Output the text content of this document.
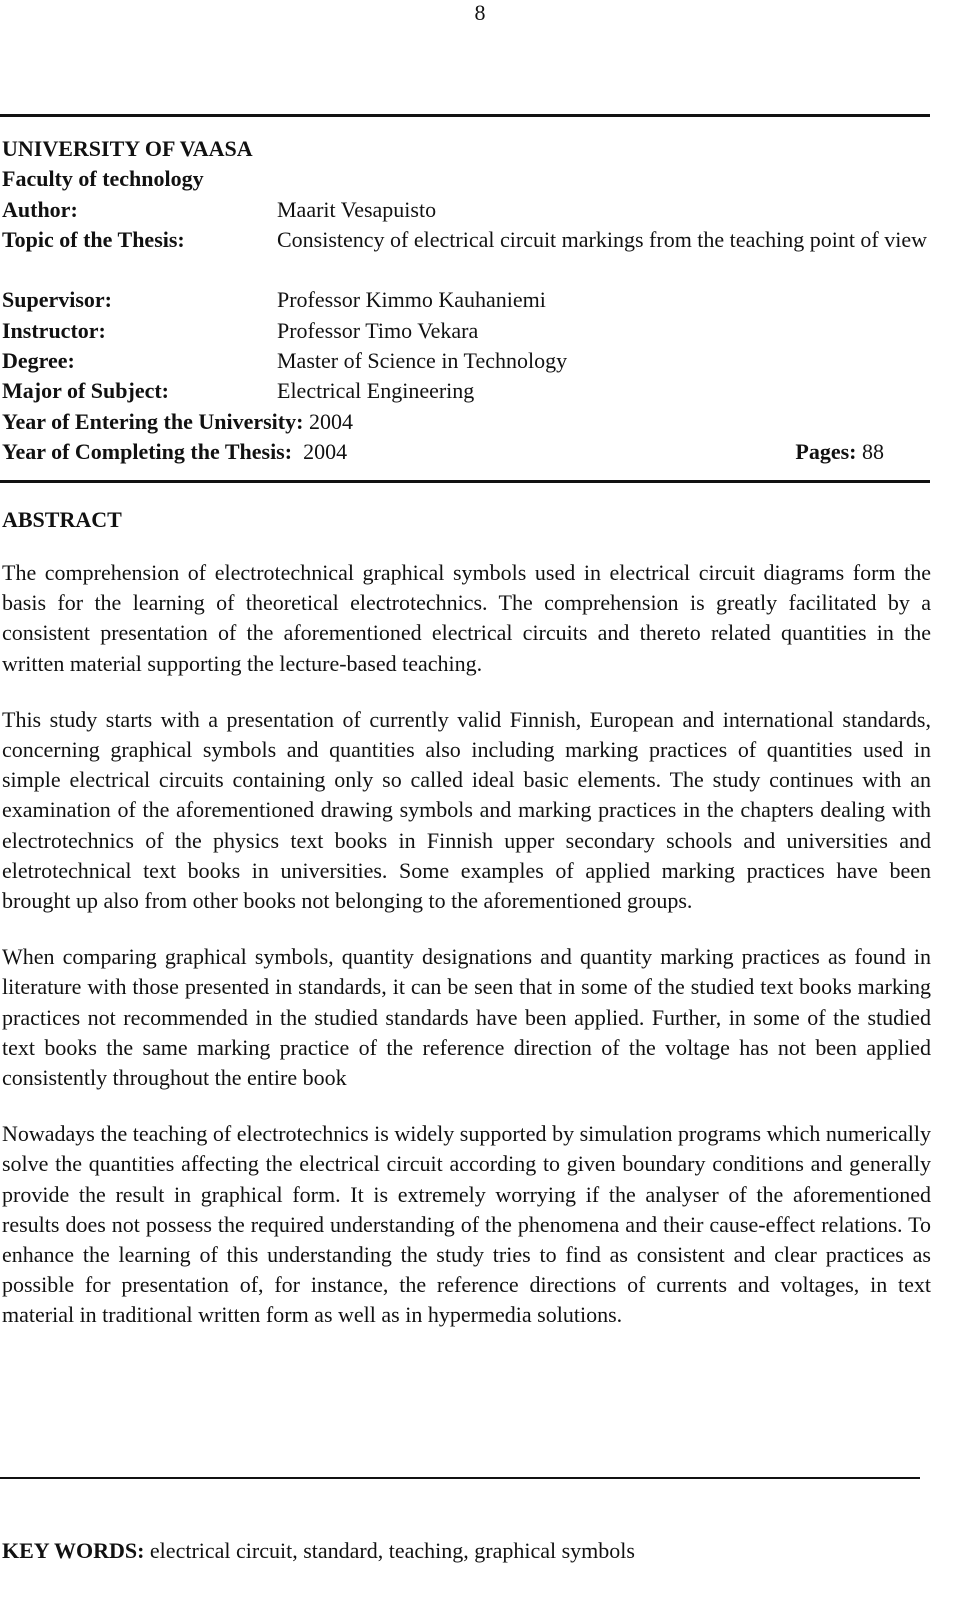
8
UNIVERSITY OF VAASA
Faculty of technology
Author:	Maarit Vesapuisto
Topic of the Thesis:	Consistency of electrical circuit markings from the teaching point of view
Supervisor:	Professor Kimmo Kauhaniemi
Instructor:	Professor Timo Vekara
Degree:	Master of Science in Technology
Major of Subject:	Electrical Engineering
Year of Entering the University: 2004
Year of Completing the Thesis: 2004	Pages: 88
ABSTRACT

The comprehension of electrotechnical graphical symbols used in electrical circuit diagrams form the basis for the learning of theoretical electrotechnics. The comprehension is greatly facilitated by a consistent presentation of the aforementioned electrical circuits and thereto related quantities in the written material supporting the lecture-based teaching.

This study starts with a presentation of currently valid Finnish, European and international standards, concerning graphical symbols and quantities also including marking practices of quantities used in simple electrical circuits containing only so called ideal basic elements. The study continues with an examination of the aforementioned drawing symbols and marking practices in the chapters dealing with electrotechnics of the physics text books in Finnish upper secondary schools and universities and eletrotechnical text books in universities. Some examples of applied marking practices have been brought up also from other books not belonging to the aforementioned groups.

When comparing graphical symbols, quantity designations and quantity marking practices as found in literature with those presented in standards, it can be seen that in some of the studied text books marking practices not recommended in the studied standards have been applied. Further, in some of the studied text books the same marking practice of the reference direction of the voltage has not been applied consistently throughout the entire book

Nowadays the teaching of electrotechnics is widely supported by simulation programs which numerically solve the quantities affecting the electrical circuit according to given boundary conditions and generally provide the result in graphical form. It is extremely worrying if the analyser of the aforementioned results does not possess the required understanding of the phenomena and their cause-effect relations. To enhance the learning of this understanding the study tries to find as consistent and clear practices as possible for presentation of, for instance, the reference directions of currents and voltages, in text material in traditional written form as well as in hypermedia solutions.

KEY WORDS: electrical circuit, standard, teaching, graphical symbols
